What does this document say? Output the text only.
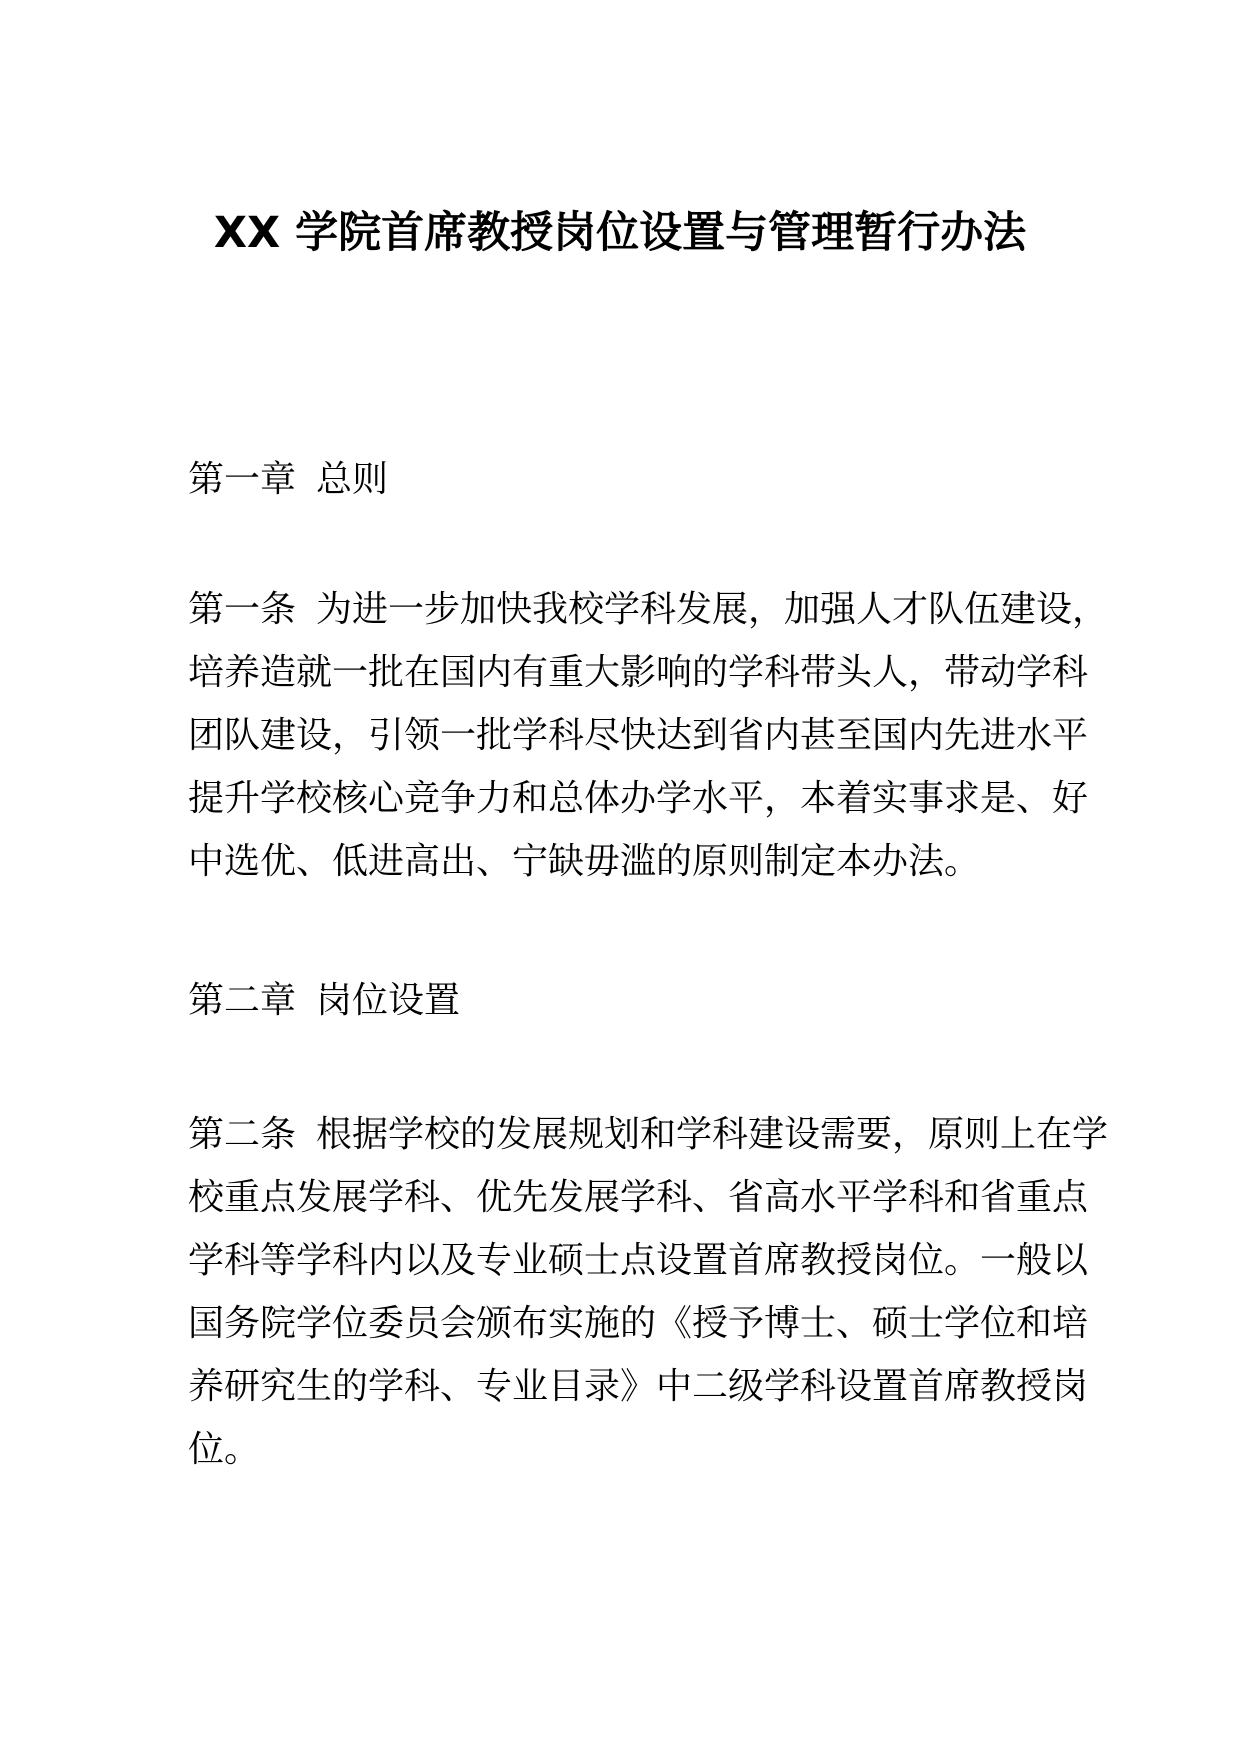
XX 学院首席教授岗位设置与管理暂行办法
第一章 总则
第一条 为进一步加快我校学科发展，加强人才队伍建设，
培养造就一批在国内有重大影响的学科带头人，带动学科
团队建设，引领一批学科尽快达到省内甚至国内先进水平
提升学校核心竞争力和总体办学水平，本着实事求是、好
中选优、低进高出、宁缺毋滥的原则制定本办法。
第二章 岗位设置
第二条 根据学校的发展规划和学科建设需要，原则上在学
校重点发展学科、优先发展学科、省高水平学科和省重点
学科等学科内以及专业硕士点设置首席教授岗位。一般以
国务院学位委员会颁布实施的《授予博士、硕士学位和培
养研究生的学科、专业目录》中二级学科设置首席教授岗
位。
